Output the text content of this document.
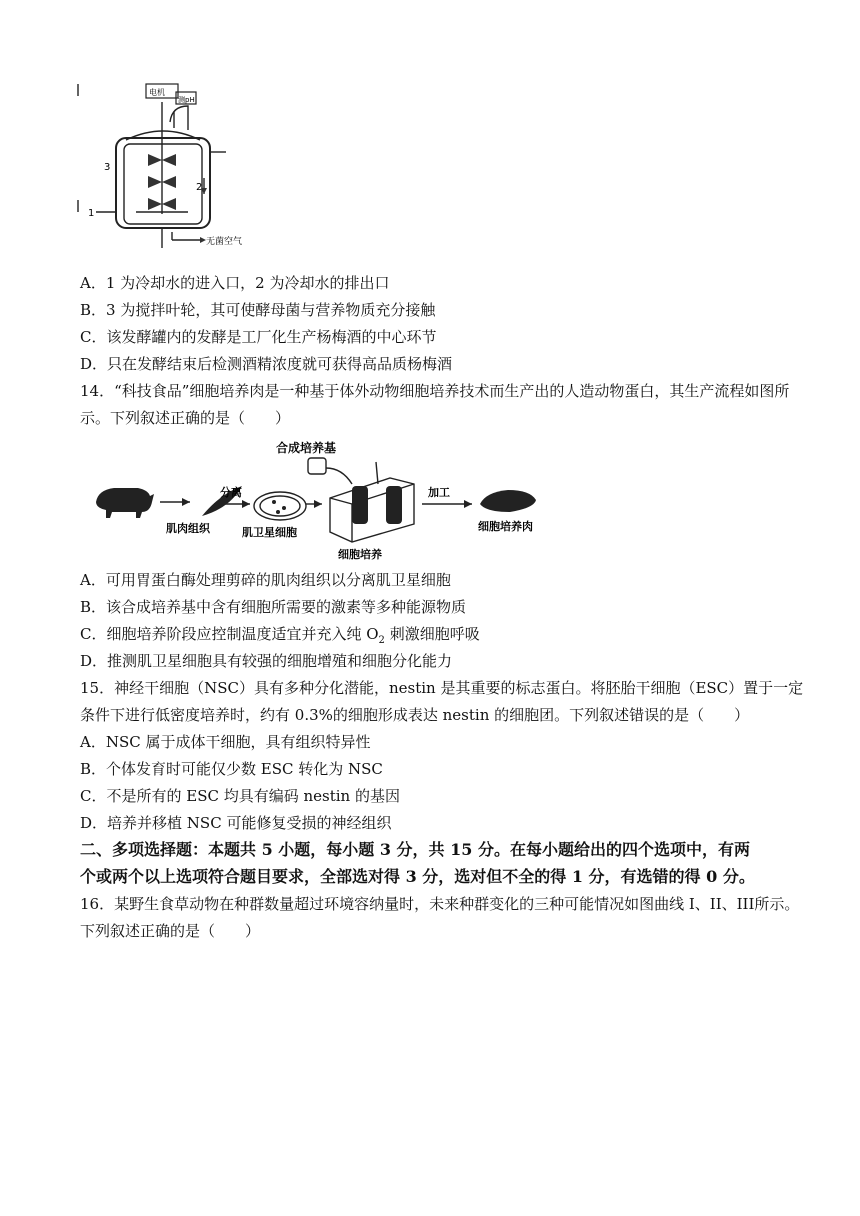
电机
测pH
3
2
1
无菌空气
A．1 为冷却水的进入口，2 为冷却水的排出口
B．3 为搅拌叶轮，其可使酵母菌与营养物质充分接触
C．该发酵罐内的发酵是工厂化生产杨梅酒的中心环节
D．只在发酵结束后检测酒精浓度就可获得高品质杨梅酒
14．“科技食品”细胞培养肉是一种基于体外动物细胞培养技术而生产出的人造动物蛋白，其生产流程如图所
示。下列叙述正确的是（　　）
合成培养基
分离
肌肉组织	肌卫星细胞
细胞培养
加工
细胞培养肉
A．可用胃蛋白酶处理剪碎的肌肉组织以分离肌卫星细胞
B．该合成培养基中含有细胞所需要的激素等多种能源物质
C．细胞培养阶段应控制温度适宜并充入纯 $O_2$ 刺激细胞呼吸
D．推测肌卫星细胞具有较强的细胞增殖和细胞分化能力
15．神经干细胞（NSC）具有多种分化潜能，nestin 是其重要的标志蛋白。将胚胎干细胞（ESC）置于一定
条件下进行低密度培养时，约有 0.3%的细胞形成表达 nestin 的细胞团。下列叙述错误的是（　　）
A．NSC 属于成体干细胞，具有组织特异性
B．个体发育时可能仅少数 ESC 转化为 NSC
C．不是所有的 ESC 均具有编码 nestin 的基因
D．培养并移植 NSC 可能修复受损的神经组织
二、多项选择题：本题共 5 小题，每小题 3 分，共 15 分。在每小题给出的四个选项中，有两
个或两个以上选项符合题目要求，全部选对得 3 分，选对但不全的得 1 分，有选错的得 0 分。
16．某野生食草动物在种群数量超过环境容纳量时，未来种群变化的三种可能情况如图曲线 I、II、III所示。
下列叙述正确的是（　　）
